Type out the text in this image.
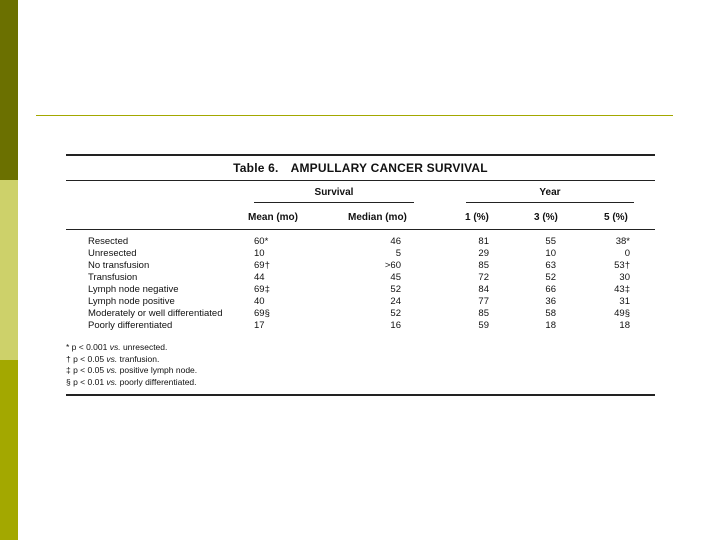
Table 6. AMPULLARY CANCER SURVIVAL
Survival	Year
Mean (mo)	Median (mo)	1 (%)	3 (%)	5 (%)
Resected	60*	46	81	55	38*
Unresected	10	5	29	10	0
No transfusion	69†	>60	85	63	53†
Transfusion	44	45	72	52	30
Lymph node negative	69‡	52	84	66	43‡
Lymph node positive	40	24	77	36	31
Moderately or well differentiated	69§	52	85	58	49§
Poorly differentiated	17	16	59	18	18
* p < 0.001 vs. unresected.
† p < 0.05 vs. tranfusion.
‡ p < 0.05 vs. positive lymph node.
§ p < 0.01 vs. poorly differentiated.
